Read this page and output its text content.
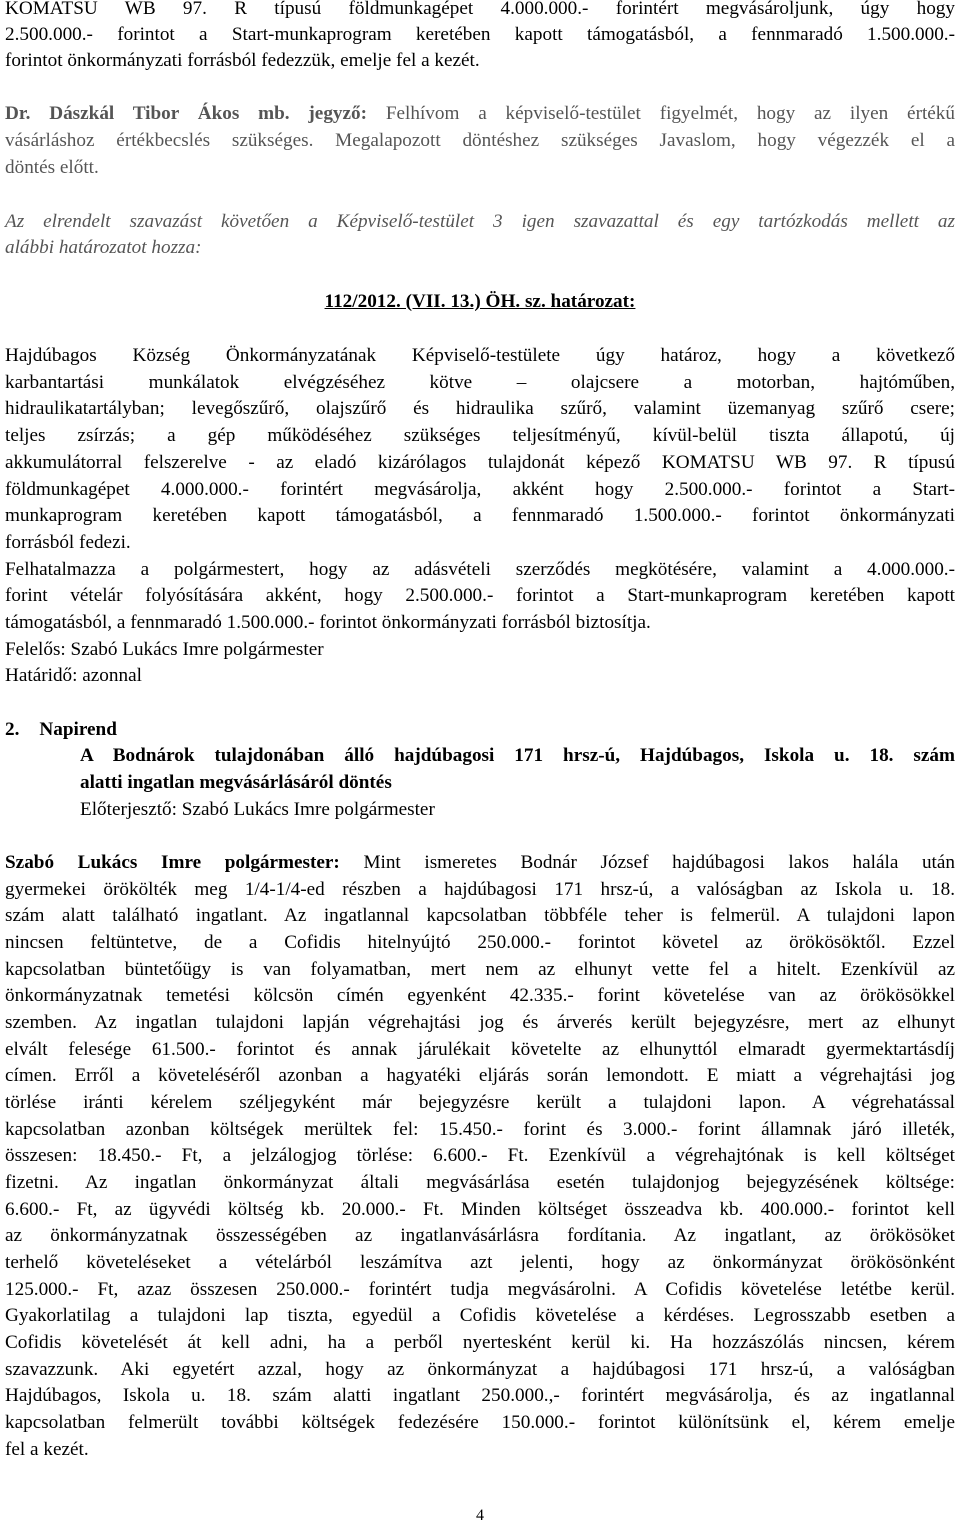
KOMATSU WB 97. R típusú földmunkagépet 4.000.000.- forintért megvásároljunk, úgy hogy
2.500.000.- forintot a Start-munkaprogram keretében kapott támogatásból, a fennmaradó 1.500.000.-
forintot önkormányzati forrásból fedezzük, emelje fel a kezét.
Dr. Dászkál Tibor Ákos mb. jegyző: Felhívom a képviselő-testület figyelmét, hogy az ilyen értékű
vásárláshoz értékbecslés szükséges. Megalapozott döntéshez szükséges Javaslom, hogy végezzék el a
döntés előtt.
Az elrendelt szavazást követően a Képviselő-testület 3 igen szavazattal és egy tartózkodás mellett az
alábbi határozatot hozza:
112/2012. (VII. 13.) ÖH. sz. határozat:
Hajdúbagos Község Önkormányzatának Képviselő-testülete úgy határoz, hogy a következő
karbantartási munkálatok elvégzéséhez kötve – olajcsere a motorban, hajtóműben,
hidraulikatartályban; levegőszűrő, olajszűrő és hidraulika szűrő, valamint üzemanyag szűrő csere;
teljes zsírzás; a gép működéséhez szükséges teljesítményű, kívül-belül tiszta állapotú, új
akkumulátorral felszerelve - az eladó kizárólagos tulajdonát képező KOMATSU WB 97. R típusú
földmunkagépet 4.000.000.- forintért megvásárolja, akként hogy 2.500.000.- forintot a Start-
munkaprogram keretében kapott támogatásból, a fennmaradó 1.500.000.- forintot önkormányzati
forrásból fedezi.
Felhatalmazza a polgármestert, hogy az adásvételi szerződés megkötésére, valamint a 4.000.000.-
forint vételár folyósítására akként, hogy 2.500.000.- forintot a Start-munkaprogram keretében kapott
támogatásból, a fennmaradó 1.500.000.- forintot önkormányzati forrásból biztosítja.
Felelős: Szabó Lukács Imre polgármester
Határidő: azonnal
2. Napirend
A Bodnárok tulajdonában álló hajdúbagosi 171 hrsz-ú, Hajdúbagos, Iskola u. 18. szám
alatti ingatlan megvásárlásáról döntés
Előterjesztő: Szabó Lukács Imre polgármester
Szabó Lukács Imre polgármester: Mint ismeretes Bodnár József hajdúbagosi lakos halála után
gyermekei örökölték meg 1/4-1/4-ed részben a hajdúbagosi 171 hrsz-ú, a valóságban az Iskola u. 18.
szám alatt található ingatlant. Az ingatlannal kapcsolatban többféle teher is felmerül. A tulajdoni lapon
nincsen feltüntetve, de a Cofidis hitelnyújtó 250.000.- forintot követel az örökösöktől. Ezzel
kapcsolatban büntetőügy is van folyamatban, mert nem az elhunyt vette fel a hitelt. Ezenkívül az
önkormányzatnak temetési kölcsön címén egyenként 42.335.- forint követelése van az örökösökkel
szemben. Az ingatlan tulajdoni lapján végrehajtási jog és árverés került bejegyzésre, mert az elhunyt
elvált felesége 61.500.- forintot és annak járulékait követelte az elhunyttól elmaradt gyermektartásdíj
címen. Erről a követeléséről azonban a hagyatéki eljárás során lemondott. E miatt a végrehajtási jog
törlése iránti kérelem széljegyként már bejegyzésre került a tulajdoni lapon. A végrehatással
kapcsolatban azonban költségek merültek fel: 15.450.- forint és 3.000.- forint államnak járó illeték,
összesen: 18.450.- Ft, a jelzálogjog törlése: 6.600.- Ft. Ezenkívül a végrehajtónak is kell költséget
fizetni. Az ingatlan önkormányzat általi megvásárlása esetén tulajdonjog bejegyzésének költsége:
6.600.- Ft, az ügyvédi költség kb. 20.000.- Ft. Minden költséget összeadva kb. 400.000.- forintot kell
az önkormányzatnak összességében az ingatlanvásárlásra fordítania. Az ingatlant, az örökösöket
terhelő követeléseket a vételárból leszámítva azt jelenti, hogy az önkormányzat örökösönként
125.000.- Ft, azaz összesen 250.000.- forintért tudja megvásárolni. A Cofidis követelése letétbe kerül.
Gyakorlatilag a tulajdoni lap tiszta, egyedül a Cofidis követelése a kérdéses. Legrosszabb esetben a
Cofidis követelését át kell adni, ha a perből nyertesként kerül ki. Ha hozzászólás nincsen, kérem
szavazzunk. Aki egyetért azzal, hogy az önkormányzat a hajdúbagosi 171 hrsz-ú, a valóságban
Hajdúbagos, Iskola u. 18. szám alatti ingatlant 250.000.,- forintért megvásárolja, és az ingatlannal
kapcsolatban felmerült további költségek fedezésére 150.000.- forintot különítsünk el, kérem emelje
fel a kezét.
4
